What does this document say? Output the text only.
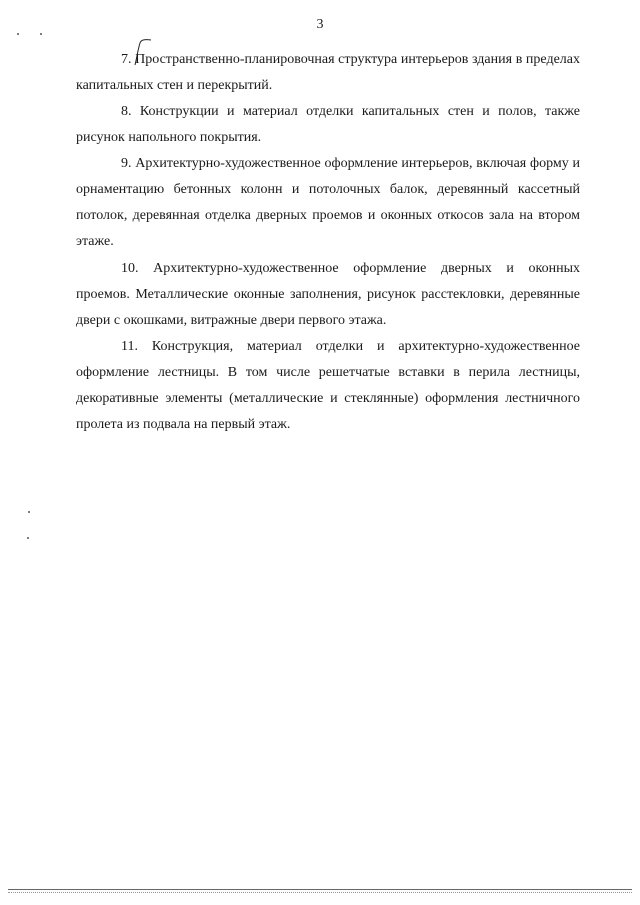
3

7. Пространственно-планировочная структура интерьеров здания в пределах капитальных стен и перекрытий.

8. Конструкции и материал отделки капитальных стен и полов, также рисунок напольного покрытия.

9. Архитектурно-художественное оформление интерьеров, включая форму и орнаментацию бетонных колонн и потолочных балок, деревянный кассетный потолок, деревянная отделка дверных проемов и оконных откосов зала на втором этаже.

10. Архитектурно-художественное оформление дверных и оконных проемов. Металлические оконные заполнения, рисунок расстекловки, деревянные двери с окошками, витражные двери первого этажа.

11. Конструкция, материал отделки и архитектурно-художественное оформление лестницы. В том числе решетчатые вставки в перила лестницы, декоративные элементы (металлические и стеклянные) оформления лестничного пролета из подвала на первый этаж.
